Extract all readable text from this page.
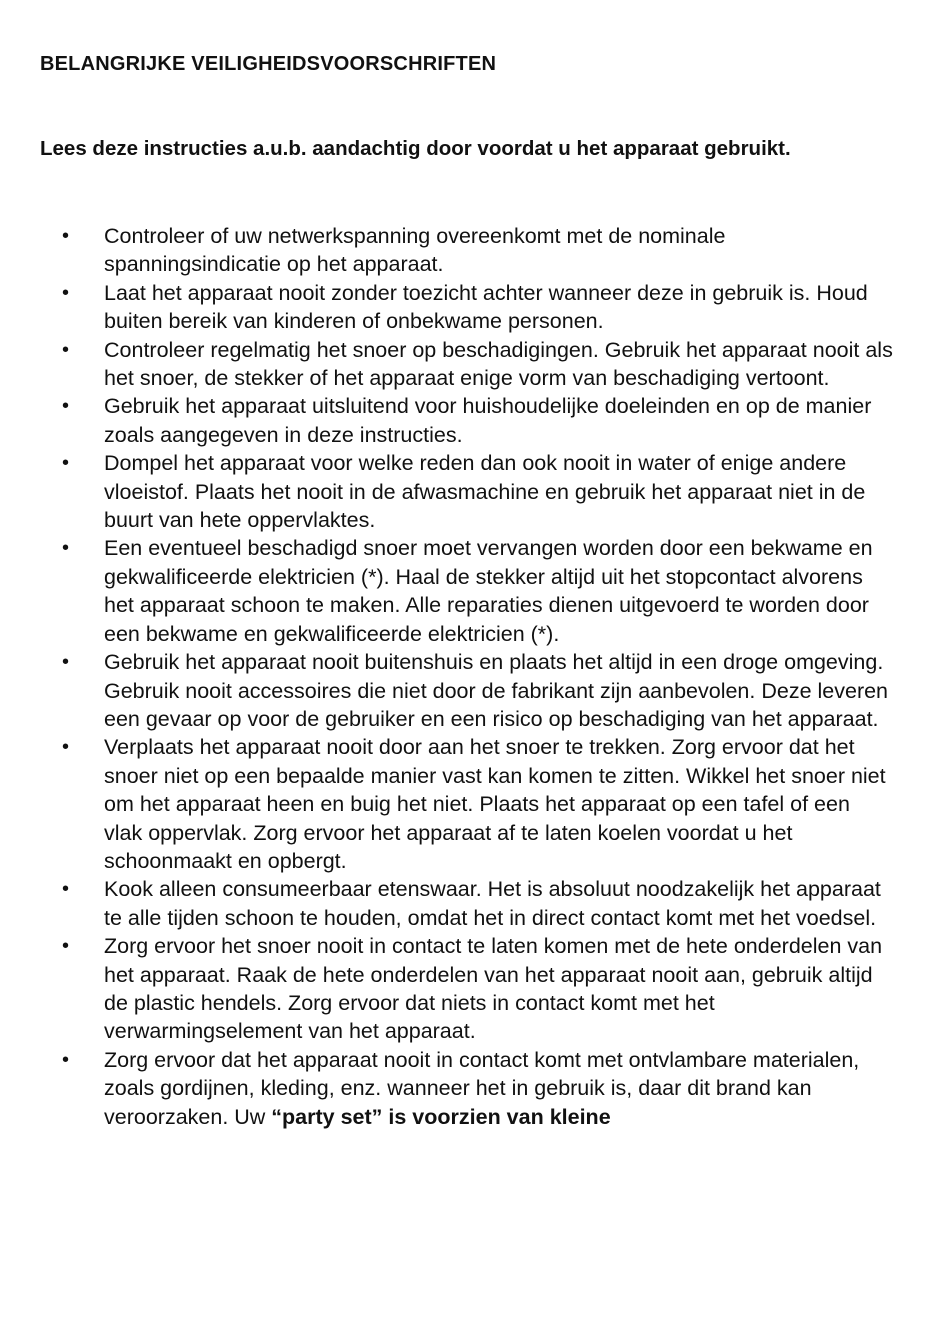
BELANGRIJKE VEILIGHEIDSVOORSCHRIFTEN

Lees deze instructies a.u.b. aandachtig door voordat u het apparaat gebruikt.

• Controleer of uw netwerkspanning overeenkomt met de nominale spanningsindicatie op het apparaat.
• Laat het apparaat nooit zonder toezicht achter wanneer deze in gebruik is. Houd buiten bereik van kinderen of onbekwame personen.
• Controleer regelmatig het snoer op beschadigingen. Gebruik het apparaat nooit als het snoer, de stekker of het apparaat enige vorm van beschadiging vertoont.
• Gebruik het apparaat uitsluitend voor huishoudelijke doeleinden en op de manier zoals aangegeven in deze instructies.
• Dompel het apparaat voor welke reden dan ook nooit in water of enige andere vloeistof. Plaats het nooit in de afwasmachine en gebruik het apparaat niet in de buurt van hete oppervlaktes.
• Een eventueel beschadigd snoer moet vervangen worden door een bekwame en gekwalificeerde elektricien (*). Haal de stekker altijd uit het stopcontact alvorens het apparaat schoon te maken. Alle reparaties dienen uitgevoerd te worden door een bekwame en gekwalificeerde elektricien (*).
• Gebruik het apparaat nooit buitenshuis en plaats het altijd in een droge omgeving. Gebruik nooit accessoires die niet door de fabrikant zijn aanbevolen. Deze leveren een gevaar op voor de gebruiker en een risico op beschadiging van het apparaat.
• Verplaats het apparaat nooit door aan het snoer te trekken. Zorg ervoor dat het snoer niet op een bepaalde manier vast kan komen te zitten. Wikkel het snoer niet om het apparaat heen en buig het niet. Plaats het apparaat op een tafel of een vlak oppervlak. Zorg ervoor het apparaat af te laten koelen voordat u het schoonmaakt en opbergt.
• Kook alleen consumeerbaar etenswaar. Het is absoluut noodzakelijk het apparaat te alle tijden schoon te houden, omdat het in direct contact komt met het voedsel.
• Zorg ervoor het snoer nooit in contact te laten komen met de hete onderdelen van het apparaat. Raak de hete onderdelen van het apparaat nooit aan, gebruik altijd de plastic hendels. Zorg ervoor dat niets in contact komt met het verwarmingselement van het apparaat.
• Zorg ervoor dat het apparaat nooit in contact komt met ontvlambare materialen, zoals gordijnen, kleding, enz. wanneer het in gebruik is, daar dit brand kan veroorzaken. Uw “party set” is voorzien van kleine
